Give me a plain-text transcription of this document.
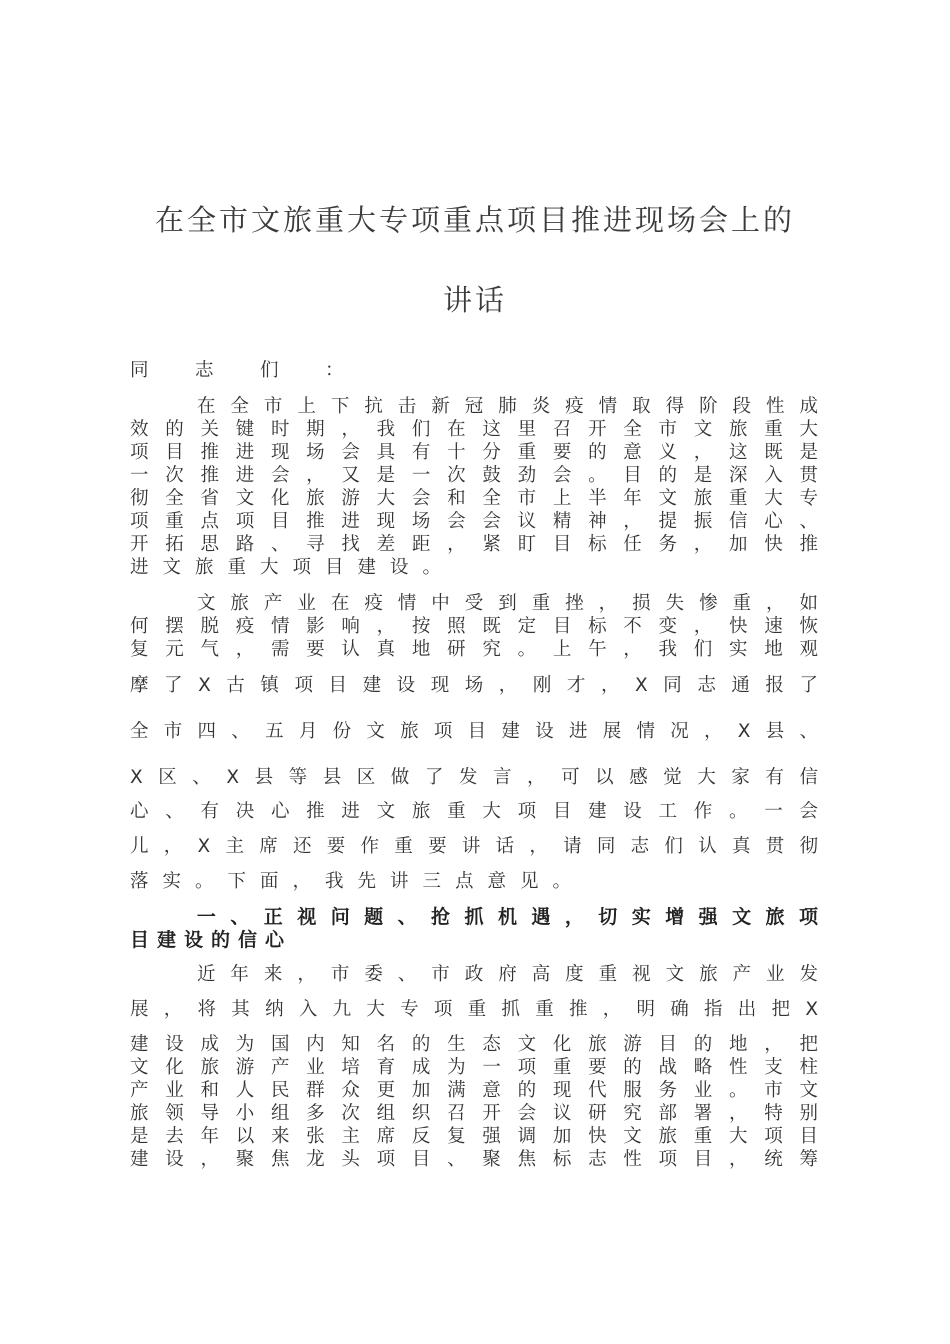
在全市文旅重大专项重点项目推进现场会上的
讲话
同　志　们　：
　　在全市上下抗击新冠肺炎疫情取得阶段性成
效的关键时期，我们在这里召开全市文旅重大
项目推进现场会具有十分重要的意义，这既是
一次推进会，又是一次鼓劲会。目的是深入贯
彻全省文化旅游大会和全市上半年文旅重大专
项重点项目推进现场会会议精神，提振信心、
开拓思路、寻找差距，紧盯目标任务，加快推
进文旅重大项目建设。
　　文旅产业在疫情中受到重挫，损失惨重，如
何摆脱疫情影响，按照既定目标不变，快速恢
复元气，需要认真地研究。上午，我们实地观
摩了X古镇项目建设现场，刚才，X同志通报了
全市四、五月份文旅项目建设进展情况，X县、
X区、X县等县区做了发言，可以感觉大家有信
心、有决心推进文旅重大项目建设工作。一会
儿，X主席还要作重要讲话，请同志们认真贯彻
落实。下面，我先讲三点意见。
　　一、正视问题、抢抓机遇，切实增强文旅项
目建设的信心
　　近年来，市委、市政府高度重视文旅产业发
展，将其纳入九大专项重抓重推，明确指出把X
建设成为国内知名的生态文化旅游目的地，把
文化旅游产业培育成为一项重要的战略性支柱
产业和人民群众更加满意的现代服务业。市文
旅领导小组多次组织召开会议研究部署，特别
是去年以来张主席反复强调加快文旅重大项目
建设，聚焦龙头项目、聚焦标志性项目，统筹
